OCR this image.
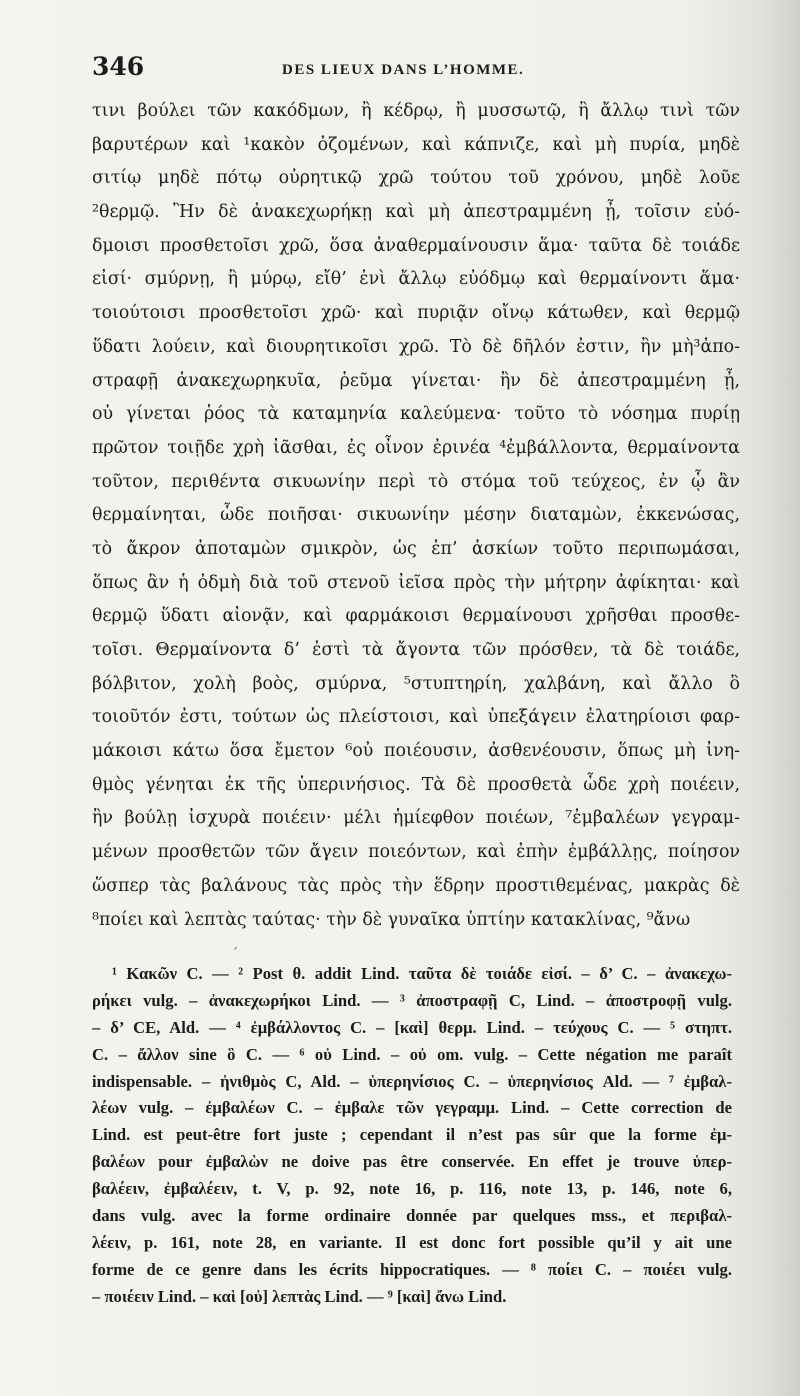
346	DES LIEUX DANS L’HOMME.
τινι βούλει τῶν κακόδμων, ἢ κέδρῳ, ἢ μυσσωτῷ, ἢ ἄλλῳ τινὶ τῶν
βαρυτέρων καὶ ¹κακὸν ὀζομένων, καὶ κάπνιζε, καὶ μὴ πυρία, μηδὲ
σιτίῳ μηδὲ πότῳ οὐρητικῷ χρῶ τούτου τοῦ χρόνου, μηδὲ λοῦε
²θερμῷ. Ἢν δὲ ἀνακεχωρήκῃ καὶ μὴ ἀπεστραμμένη ᾖ, τοῖσιν εὐό-
δμοισι προσθετοῖσι χρῶ, ὅσα ἀναθερμαίνουσιν ἅμα· ταῦτα δὲ τοιάδε
εἰσί· σμύρνῃ, ἢ μύρῳ, εἴθ’ ἐνὶ ἄλλῳ εὐόδμῳ καὶ θερμαίνοντι ἅμα·
τοιούτοισι προσθετοῖσι χρῶ· καὶ πυριᾷν οἴνῳ κάτωθεν, καὶ θερμῷ
ὕδατι λούειν, καὶ διουρητικοῖσι χρῶ. Τὸ δὲ δῆλόν ἐστιν, ἢν μὴ³ἀπο-
στραφῇ ἀνακεχωρηκυῖα, ῥεῦμα γίνεται· ἢν δὲ ἀπεστραμμένη ᾖ,
οὐ γίνεται ῥόος τὰ καταμηνία καλεύμενα· τοῦτο τὸ νόσημα πυρίῃ
πρῶτον τοιῇδε χρὴ ἰᾶσθαι, ἐς οἶνον ἐρινέα ⁴ἐμβάλλοντα, θερμαίνοντα
τοῦτον, περιθέντα σικυωνίην περὶ τὸ στόμα τοῦ τεύχεος, ἐν ᾧ ἂν
θερμαίνηται, ὧδε ποιῆσαι· σικυωνίην μέσην διαταμὼν, ἐκκενώσας,
τὸ ἄκρον ἀποταμὼν σμικρὸν, ὡς ἐπ’ ἀσκίων τοῦτο περιπωμάσαι,
ὅπως ἂν ἡ ὀδμὴ διὰ τοῦ στενοῦ ἰεῖσα πρὸς τὴν μήτρην ἀφίκηται· καὶ
θερμῷ ὕδατι αἰονᾷν, καὶ φαρμάκοισι θερμαίνουσι χρῆσθαι προσθε-
τοῖσι. Θερμαίνοντα δ’ ἐστὶ τὰ ἄγοντα τῶν πρόσθεν, τὰ δὲ τοιάδε,
βόλβιτον, χολὴ βοὸς, σμύρνα, ⁵στυπτηρίη, χαλβάνη, καὶ ἄλλο ὃ
τοιοῦτόν ἐστι, τούτων ὡς πλείστοισι, καὶ ὑπεξάγειν ἐλατηρίοισι φαρ-
μάκοισι κάτω ὅσα ἔμετον ⁶οὐ ποιέουσιν, ἀσθενέουσιν, ὅπως μὴ ἰνη-
θμὸς γένηται ἐκ τῆς ὑπερινήσιος. Τὰ δὲ προσθετὰ ὧδε χρὴ ποιέειν,
ἢν βούλῃ ἰσχυρὰ ποιέειν· μέλι ἡμίεφθον ποιέων, ⁷ἐμβαλέων γεγραμ-
μένων προσθετῶν τῶν ἄγειν ποιεόντων, καὶ ἐπὴν ἐμβάλλῃς, ποίησον
ὥσπερ τὰς βαλάνους τὰς πρὸς τὴν ἕδρην προστιθεμένας, μακρὰς δὲ
⁸ποίει καὶ λεπτὰς ταύτας· τὴν δὲ γυναῖκα ὑπτίην κατακλίνας, ⁹ἄνω
ˊ
¹ Κακῶν C. — ² Post θ. addit Lind. ταῦτα δὲ τοιάδε εἰσί. – δ’ C. – ἀνακεχω-
ρήκει vulg. – ἀνακεχωρήκοι Lind. — ³ ἀποστραφῇ C, Lind. – ἀποστροφῇ vulg.
– δ’ CE, Ald. — ⁴ ἐμβάλλοντος C. – [καὶ] θερμ. Lind. – τεύχους C. — ⁵ στηπτ.
C. – ἄλλον sine ὃ C. — ⁶ οὐ Lind. – οὐ om. vulg. – Cette négation me paraît
indispensable. – ἠνιθμὸς C, Ald. – ὑπερηνίσιος C. – ὑπερηνίσιος Ald. — ⁷ ἐμβαλ-
λέων vulg. – ἐμβαλέων C. – ἐμβαλε τῶν γεγραμμ. Lind. – Cette correction de
Lind. est peut-être fort juste ; cependant il n’est pas sûr que la forme ἐμ-
βαλέων pour ἐμβαλὼν ne doive pas être conservée. En effet je trouve ὑπερ-
βαλέειν, ἐμβαλέειν, t. V, p. 92, note 16, p. 116, note 13, p. 146, note 6,
dans vulg. avec la forme ordinaire donnée par quelques mss., et περιβαλ-
λέειν, p. 161, note 28, en variante. Il est donc fort possible qu’il y ait une
forme de ce genre dans les écrits hippocratiques. — ⁸ ποίει C. – ποιέει vulg.
– ποιέειν Lind. – καὶ [οὐ] λεπτὰς Lind. — ⁹ [καὶ] ἄνω Lind.
